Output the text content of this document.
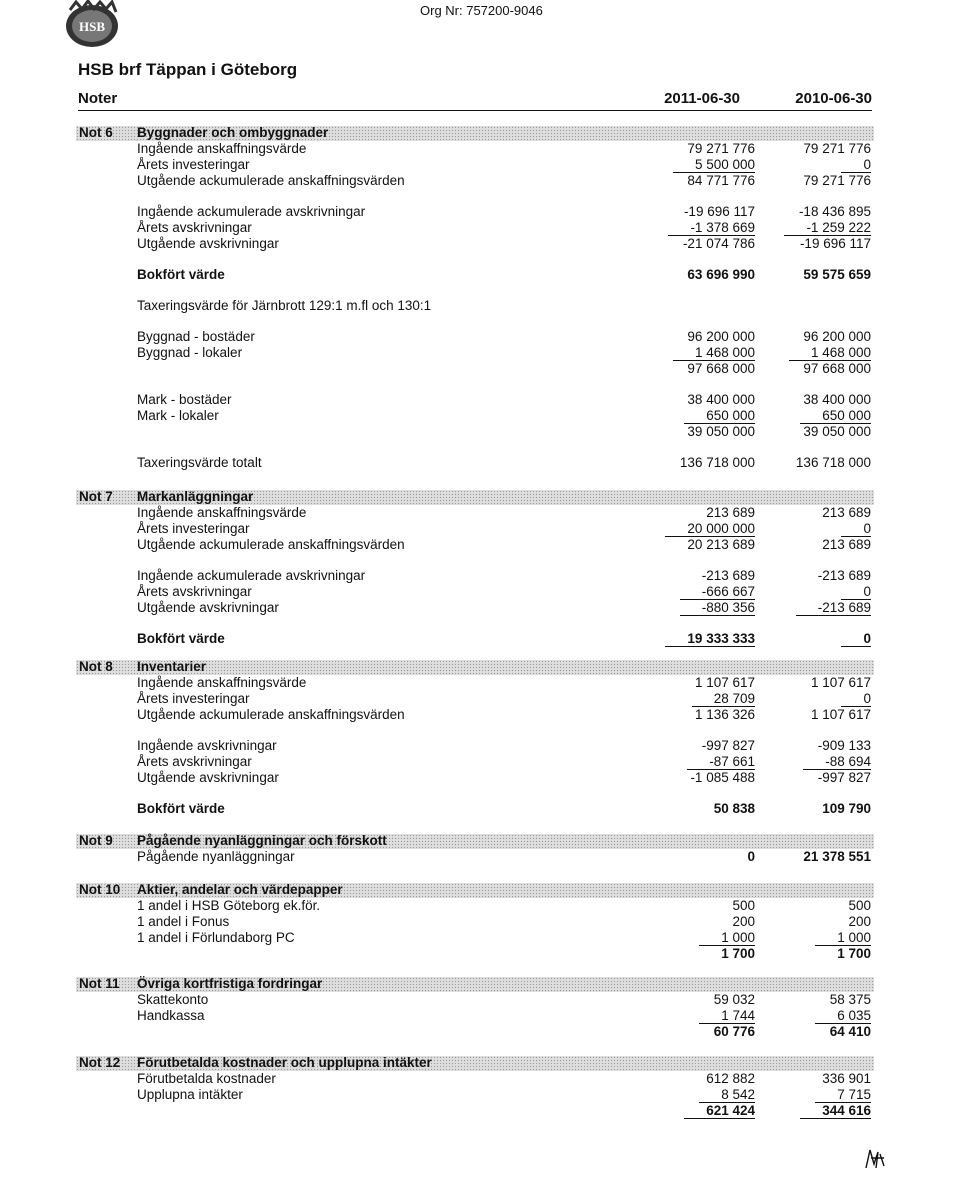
HSB
Org Nr: 757200-9046
HSB brf Täppan i Göteborg
Noter	2011-06-30	2010-06-30
Not 6 Byggnader och ombyggnader
Ingående anskaffningsvärde	79 271 776	79 271 776
Årets investeringar	5 500 000	0
Utgående ackumulerade anskaffningsvärden	84 771 776	79 271 776
Ingående ackumulerade avskrivningar	-19 696 117	-18 436 895
Årets avskrivningar	-1 378 669	-1 259 222
Utgående avskrivningar	-21 074 786	-19 696 117
Bokfört värde	63 696 990	59 575 659
Taxeringsvärde för Järnbrott 129:1 m.fl och 130:1
Byggnad - bostäder	96 200 000	96 200 000
Byggnad - lokaler	1 468 000	1 468 000
97 668 000	97 668 000
Mark - bostäder	38 400 000	38 400 000
Mark - lokaler	650 000	650 000
39 050 000	39 050 000
Taxeringsvärde totalt	136 718 000	136 718 000
Not 7 Markanläggningar
Ingående anskaffningsvärde	213 689	213 689
Årets investeringar	20 000 000	0
Utgående ackumulerade anskaffningsvärden	20 213 689	213 689
Ingående ackumulerade avskrivningar	-213 689	-213 689
Årets avskrivningar	-666 667	0
Utgående avskrivningar	-880 356	-213 689
Bokfört värde	19 333 333	0
Not 8 Inventarier
Ingående anskaffningsvärde	1 107 617	1 107 617
Årets investeringar	28 709	0
Utgående ackumulerade anskaffningsvärden	1 136 326	1 107 617
Ingående avskrivningar	-997 827	-909 133
Årets avskrivningar	-87 661	-88 694
Utgående avskrivningar	-1 085 488	-997 827
Bokfört värde	50 838	109 790
Not 9 Pågående nyanläggningar och förskott
Pågående nyanläggningar	0	21 378 551
Not 10 Aktier, andelar och värdepapper
1 andel i HSB Göteborg ek.för.	500	500
1 andel i Fonus	200	200
1 andel i Förlundaborg PC	1 000	1 000
1 700	1 700
Not 11 Övriga kortfristiga fordringar
Skattekonto	59 032	58 375
Handkassa	1 744	6 035
60 776	64 410
Not 12 Förutbetalda kostnader och upplupna intäkter
Förutbetalda kostnader	612 882	336 901
Upplupna intäkter	8 542	7 715
621 424	344 616
